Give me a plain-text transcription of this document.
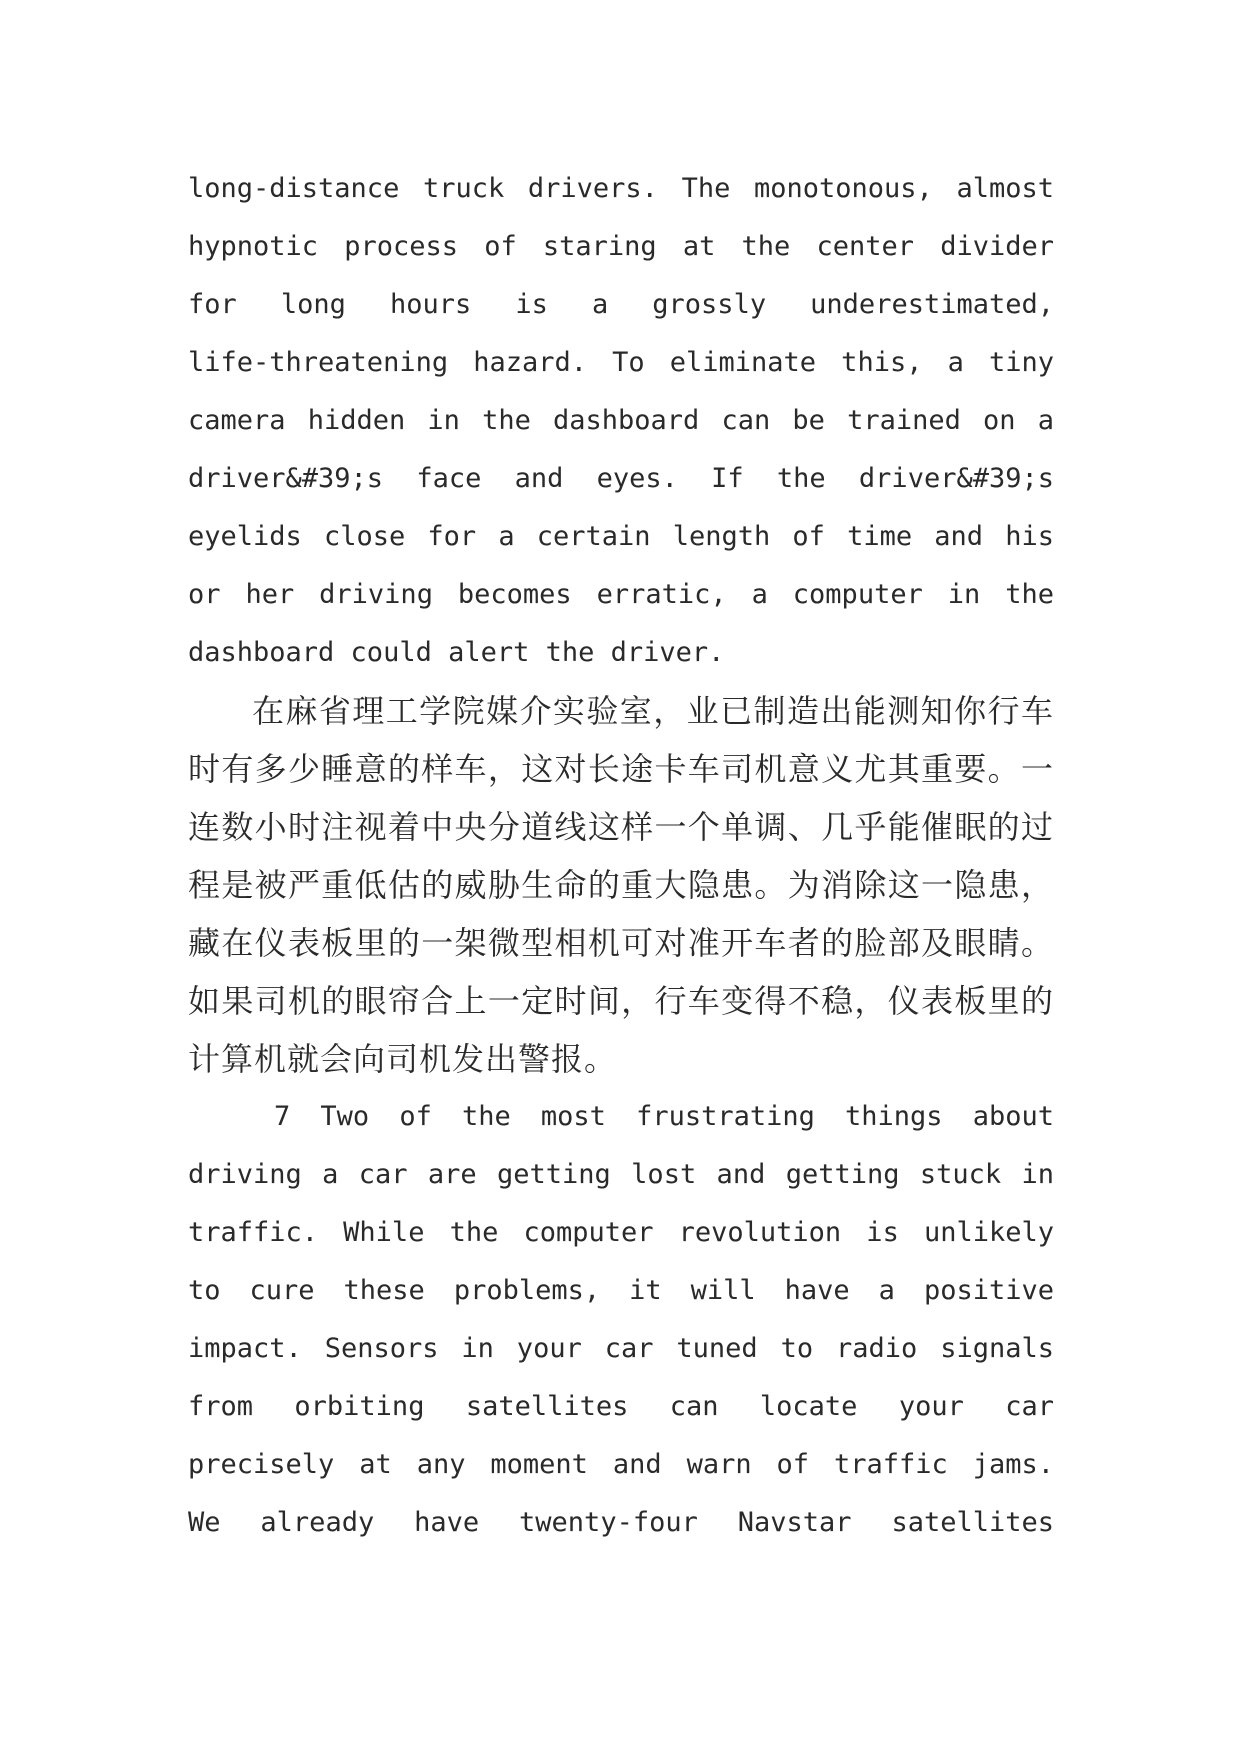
long-distance truck drivers. The monotonous, almost
hypnotic process of staring at the center divider
for long hours is a grossly underestimated,
life-threatening hazard. To eliminate this, a tiny
camera hidden in the dashboard can be trained on a
driver&#39;s face and eyes. If the driver&#39;s
eyelids close for a certain length of time and his
or her driving becomes erratic, a computer in the
dashboard could alert the driver.
在麻省理工学院媒介实验室，业已制造出能测知你行车
时有多少睡意的样车，这对长途卡车司机意义尤其重要。一
连数小时注视着中央分道线这样一个单调、几乎能催眠的过
程是被严重低估的威胁生命的重大隐患。为消除这一隐患，
藏在仪表板里的一架微型相机可对准开车者的脸部及眼睛。
如果司机的眼帘合上一定时间，行车变得不稳，仪表板里的
计算机就会向司机发出警报。
7 Two of the most frustrating things about
driving a car are getting lost and getting stuck in
traffic. While the computer revolution is unlikely
to cure these problems, it will have a positive
impact. Sensors in your car tuned to radio signals
from orbiting satellites can locate your car
precisely at any moment and warn of traffic jams.
We already have twenty-four Navstar satellites
